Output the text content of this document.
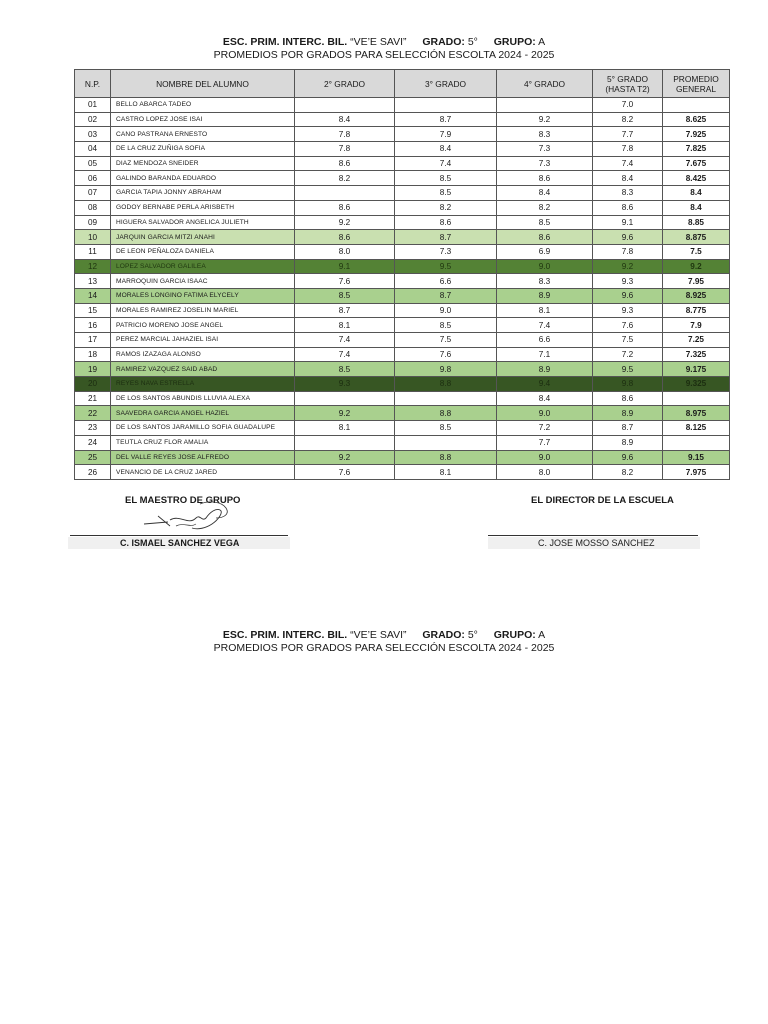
ESC. PRIM. INTERC. BIL. “VE’E SAVI” GRADO: 5° GRUPO: A
PROMEDIOS POR GRADOS PARA SELECCIÓN ESCOLTA 2024 - 2025
N.P.	NOMBRE DEL ALUMNO	2° GRADO	3° GRADO	4° GRADO	5° GRADO (HASTA T2)	PROMEDIO GENERAL
01	BELLO ABARCA TADEO				7.0	
02	CASTRO LOPEZ JOSE ISAI	8.4	8.7	9.2	8.2	8.625
03	CANO PASTRANA ERNESTO	7.8	7.9	8.3	7.7	7.925
04	DE LA CRUZ ZUÑIGA SOFIA	7.8	8.4	7.3	7.8	7.825
05	DIAZ MENDOZA SNEIDER	8.6	7.4	7.3	7.4	7.675
06	GALINDO BARANDA EDUARDO	8.2	8.5	8.6	8.4	8.425
07	GARCIA TAPIA JONNY ABRAHAM		8.5	8.4	8.3	8.4
08	GODOY BERNABE PERLA ARISBETH	8.6	8.2	8.2	8.6	8.4
09	HIGUERA SALVADOR ANGELICA JULIETH	9.2	8.6	8.5	9.1	8.85
10	JARQUIN GARCIA MITZI ANAHI	8.6	8.7	8.6	9.6	8.875
11	DE LEON PEÑALOZA DANIELA	8.0	7.3	6.9	7.8	7.5
12	LOPEZ SALVADOR GALILEA	9.1	9.5	9.0	9.2	9.2
13	MARROQUIN GARCIA ISAAC	7.6	6.6	8.3	9.3	7.95
14	MORALES LONGINO FATIMA ELYCELY	8.5	8.7	8.9	9.6	8.925
15	MORALES RAMIREZ JOSELIN MARIEL	8.7	9.0	8.1	9.3	8.775
16	PATRICIO MORENO JOSE ANGEL	8.1	8.5	7.4	7.6	7.9
17	PEREZ MARCIAL JAHAZIEL ISAI	7.4	7.5	6.6	7.5	7.25
18	RAMOS IZAZAGA ALONSO	7.4	7.6	7.1	7.2	7.325
19	RAMIREZ VAZQUEZ SAID ABAD	8.5	9.8	8.9	9.5	9.175
20	REYES NAVA ESTRELLA	9.3	8.8	9.4	9.8	9.325
21	DE LOS SANTOS ABUNDIS LLUVIA ALEXA			8.4	8.6	
22	SAAVEDRA GARCIA ANGEL HAZIEL	9.2	8.8	9.0	8.9	8.975
23	DE LOS SANTOS JARAMILLO SOFIA GUADALUPE	8.1	8.5	7.2	8.7	8.125
24	TEUTLA CRUZ FLOR AMALIA			7.7	8.9	
25	DEL VALLE REYES JOSE ALFREDO	9.2	8.8	9.0	9.6	9.15
26	VENANCIO DE LA CRUZ JARED	7.6	8.1	8.0	8.2	7.975
EL MAESTRO DE GRUPO
C. ISMAEL SANCHEZ VEGA
EL DIRECTOR DE LA ESCUELA
C. JOSE MOSSO SANCHEZ
ESC. PRIM. INTERC. BIL. “VE’E SAVI” GRADO: 5° GRUPO: A
PROMEDIOS POR GRADOS PARA SELECCIÓN ESCOLTA 2024 - 2025
